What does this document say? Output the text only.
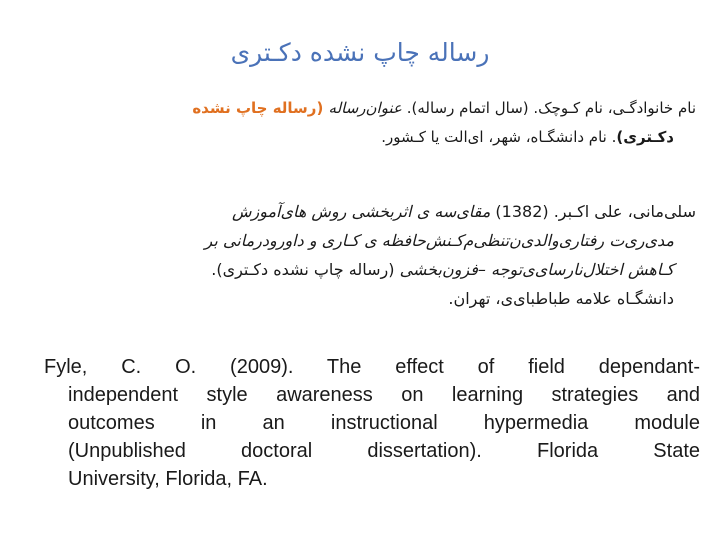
رساله چاپ نشده دکـتری
نام خانوادگـی، نام کـوچک. (سال اتمام رساله). عنوان‌رساله (رساله چاپ نشده
دکـتری). نام دانشگـاه، شهر، ای‌الت یا کـشور.
سلی‌مانی، علی اکـبر. (1382) مقای‌سه ی اثربخشی روش های‌آموزش
مدی‌ری‌ت رفتاری‌والدی‌ن‌تنظی‌م‌کـنش‌حافظه ی کـاری و داورودرمانی بر
کـاهش اختلال‌نارسای‌ی‌توجه –فزون‌بخشی (رساله چاپ نشده دکـتری).
دانشگـاه علامه طباطبای‌ی، تهران.
Fyle, C. O. (2009). The effect of field dependant-
independent style awareness on learning strategies and
outcomes in an instructional hypermedia module
(Unpublished doctoral dissertation). Florida State
University, Florida, FA.
